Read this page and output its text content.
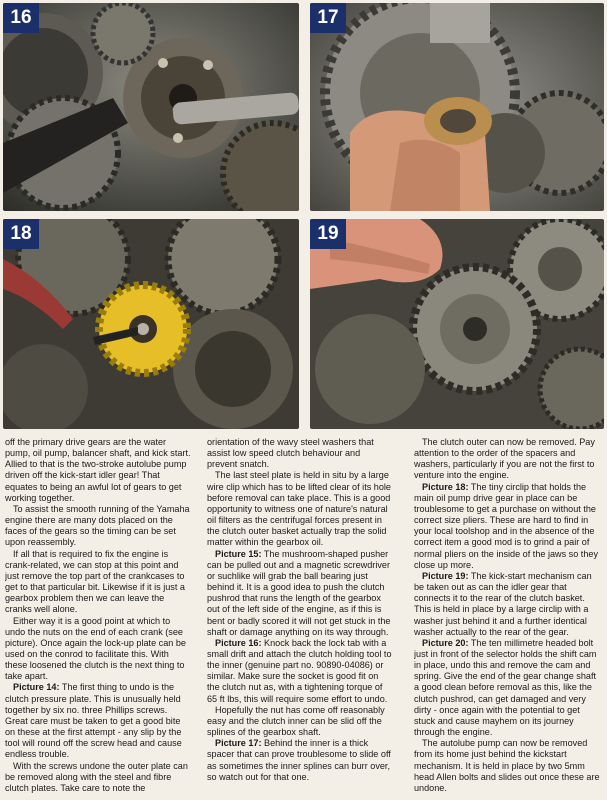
16	17
18	19

off the primary drive gears are the water pump, oil pump, balancer shaft, and kick start. Allied to that is the two-stroke autolube pump driven off the kick-start idler gear! That equates to being an awful lot of gears to get working together.

To assist the smooth running of the Yamaha engine there are many dots placed on the faces of the gears so the timing can be set upon reassembly.

If all that is required to fix the engine is crank-related, we can stop at this point and just remove the top part of the crankcases to get to that particular bit. Likewise if it is just a gearbox problem then we can leave the cranks well alone.

Either way it is a good point at which to undo the nuts on the end of each crank (see picture). Once again the lock-up plate can be used on the conrod to facilitate this. With these loosened the clutch is the next thing to take apart.

Picture 14: The first thing to undo is the clutch pressure plate. This is unusually held together by six no. three Phillips screws. Great care must be taken to get a good bite on these at the first attempt - any slip by the tool will round off the screw head and cause endless trouble.

With the screws undone the outer plate can be removed along with the steel and fibre clutch plates. Take care to note the

orientation of the wavy steel washers that assist low speed clutch behaviour and prevent snatch.

The last steel plate is held in situ by a large wire clip which has to be lifted clear of its hole before removal can take place. This is a good opportunity to witness one of nature's natural oil filters as the centrifugal forces present in the clutch outer basket actually trap the solid matter within the gearbox oil.

Picture 15: The mushroom-shaped pusher can be pulled out and a magnetic screwdriver or suchlike will grab the ball bearing just behind it. It is a good idea to push the clutch pushrod that runs the length of the gearbox out of the left side of the engine, as if this is bent or badly scored it will not get stuck in the shaft or damage anything on its way through.

Picture 16: Knock back the lock tab with a small drift and attach the clutch holding tool to the inner (genuine part no. 90890-04086) or similar. Make sure the socket is good fit on the clutch nut as, with a tightening torque of 65 ft lbs, this will require some effort to undo.

Hopefully the nut has come off reasonably easy and the clutch inner can be slid off the splines of the gearbox shaft.

Picture 17: Behind the inner is a thick spacer that can prove troublesome to slide off as sometimes the inner splines can burr over, so watch out for that one.

The clutch outer can now be removed. Pay attention to the order of the spacers and washers, particularly if you are not the first to venture into the engine.

Picture 18: The tiny circlip that holds the main oil pump drive gear in place can be troublesome to get a purchase on without the correct size pliers. These are hard to find in your local toolshop and in the absence of the correct item a good mod is to grind a pair of normal pliers on the inside of the jaws so they close up more.

Picture 19: The kick-start mechanism can be taken out as can the idler gear that connects it to the rear of the clutch basket. This is held in place by a large circlip with a washer just behind it and a further identical washer actually to the rear of the gear.

Picture 20: The ten millimetre headed bolt just in front of the selector holds the shift cam in place, undo this and remove the cam and spring. Give the end of the gear change shaft a good clean before removal as this, like the clutch pushrod, can get damaged and very dirty - once again with the potential to get stuck and cause mayhem on its journey through the engine.

The autolube pump can now be removed from its home just behind the kickstart mechanism. It is held in place by two 5mm head Allen bolts and slides out once these are undone.
